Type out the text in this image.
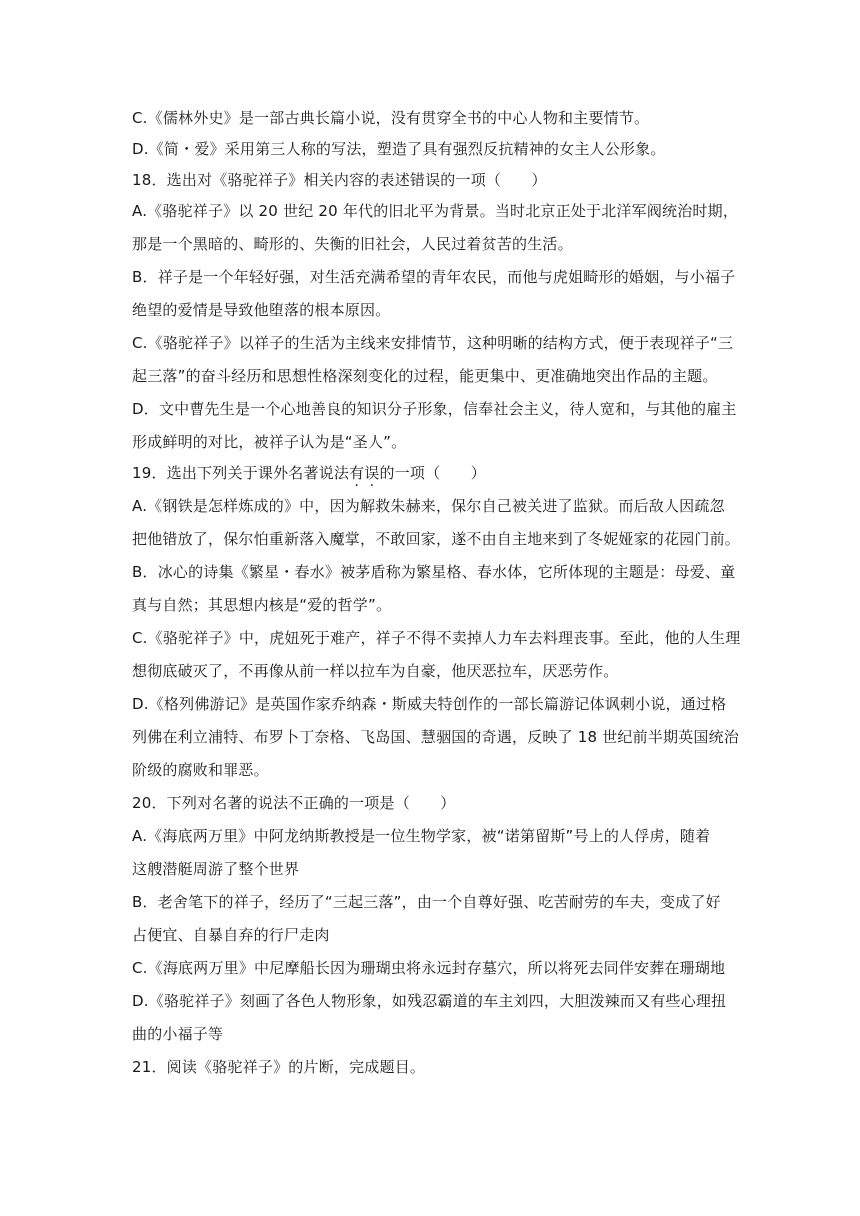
C.《儒林外史》是一部古典长篇小说，没有贯穿全书的中心人物和主要情节。
D.《简・爱》采用第三人称的写法，塑造了具有强烈反抗精神的女主人公形象。
18．选出对《骆驼祥子》相关内容的表述错误的一项（　　）
A.《骆驼祥子》以 20 世纪 20 年代的旧北平为背景。当时北京正处于北洋军阀统治时期，
那是一个黑暗的、畸形的、失衡的旧社会，人民过着贫苦的生活。
B．祥子是一个年轻好强，对生活充满希望的青年农民，而他与虎姐畸形的婚姻，与小福子
绝望的爱情是导致他堕落的根本原因。
C.《骆驼祥子》以祥子的生活为主线来安排情节，这种明晰的结构方式，便于表现祥子“三
起三落”的奋斗经历和思想性格深刻变化的过程，能更集中、更准确地突出作品的主题。
D．文中曹先生是一个心地善良的知识分子形象，信奉社会主义，待人宽和，与其他的雇主
形成鲜明的对比，被祥子认为是“圣人”。
19．选出下列关于课外名著说法有误的一项（　　）
A.《钢铁是怎样炼成的》中，因为解救朱赫来，保尔自己被关进了监狱。而后敌人因疏忽
把他错放了，保尔怕重新落入魔掌，不敢回家，遂不由自主地来到了冬妮娅家的花园门前。
B．冰心的诗集《繁星・春水》被茅盾称为繁星格、春水体，它所体现的主题是：母爱、童
真与自然；其思想内核是“爱的哲学”。
C.《骆驼祥子》中，虎妞死于难产，祥子不得不卖掉人力车去料理丧事。至此，他的人生理
想彻底破灭了，不再像从前一样以拉车为自豪，他厌恶拉车，厌恶劳作。
D.《格列佛游记》是英国作家乔纳森・斯威夫特创作的一部长篇游记体讽刺小说，通过格
列佛在利立浦特、布罗卜丁奈格、飞岛国、慧骃国的奇遇，反映了 18 世纪前半期英国统治
阶级的腐败和罪恶。
20．下列对名著的说法不正确的一项是（　　）
A.《海底两万里》中阿龙纳斯教授是一位生物学家，被“诺第留斯”号上的人俘虏，随着
这艘潜艇周游了整个世界
B．老舍笔下的祥子，经历了“三起三落”，由一个自尊好强、吃苦耐劳的车夫，变成了好
占便宜、自暴自弃的行尸走肉
C.《海底两万里》中尼摩船长因为珊瑚虫将永远封存墓穴，所以将死去同伴安葬在珊瑚地
D.《骆驼祥子》刻画了各色人物形象，如残忍霸道的车主刘四，大胆泼辣而又有些心理扭
曲的小福子等
21．阅读《骆驼祥子》的片断，完成题目。
